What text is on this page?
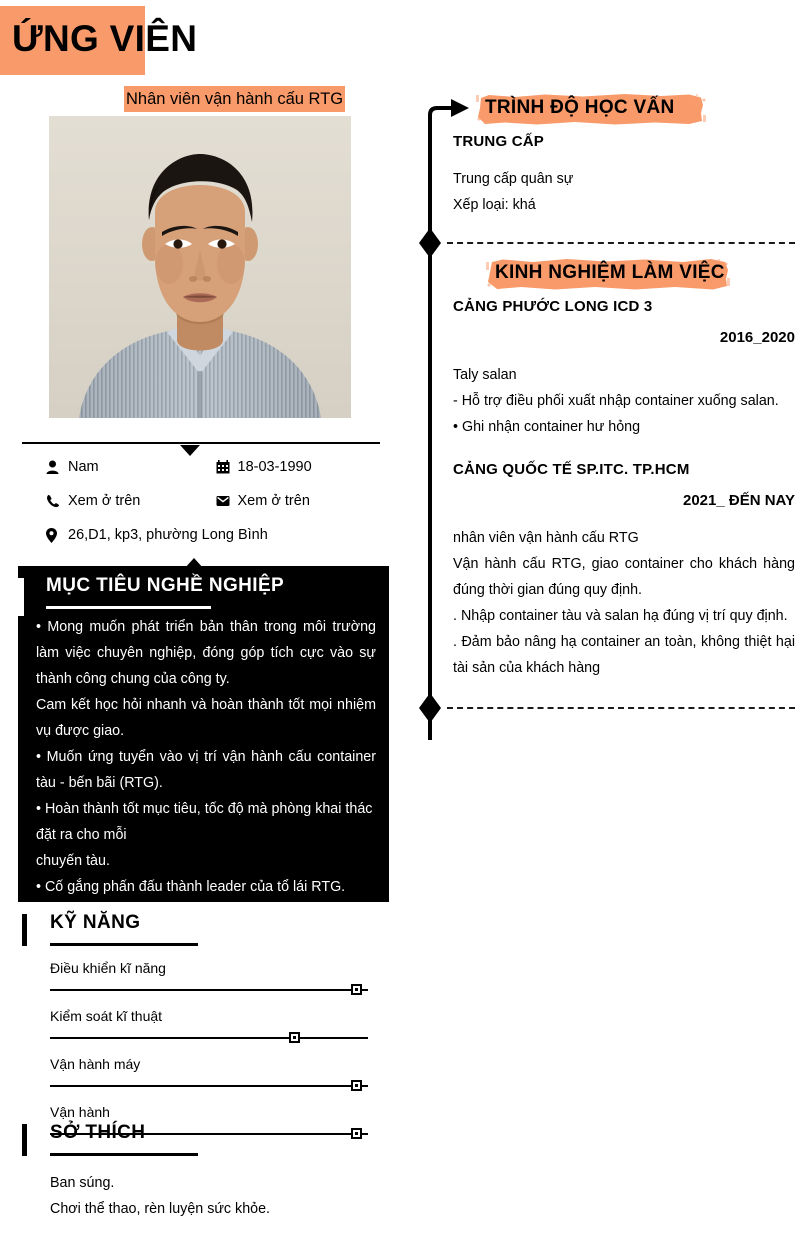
ỨNG VIÊN
Nhân viên vận hành cấu RTG
Nam	18-03-1990
Xem ở trên	Xem ở trên
26,D1, kp3, phường Long Bình
MỤC TIÊU NGHỀ NGHIỆP

• Mong muốn phát triển bản thân trong môi trường làm việc chuyên nghiệp, đóng góp tích cực vào sự thành công chung của công ty.

Cam kết học hỏi nhanh và hoàn thành tốt mọi nhiệm vụ được giao.

• Muốn ứng tuyển vào vị trí vận hành cấu container tàu - bến bãi (RTG).

• Hoàn thành tốt mục tiêu, tốc độ mà phòng khai thác đặt ra cho mỗi

chuyến tàu.

• Cố gắng phấn đấu thành leader của tổ lái RTG.

KỸ NĂNG
Điều khiển kĩ năng
Kiểm soát kĩ thuật
Vận hành máy
Vận hành
SỞ THÍCH
Ban súng.
Chơi thể thao, rèn luyện sức khỏe.
TRÌNH ĐỘ HỌC VẤN
TRUNG CẤP

Trung cấp quân sự

Xếp loại: khá

KINH NGHIỆM LÀM VIỆC
CẢNG PHƯỚC LONG ICD 3
2016_2020

Taly salan

- Hỗ trợ điều phối xuất nhập container xuống salan.

• Ghi nhận container hư hỏng

CẢNG QUỐC TẾ SP.ITC. TP.HCM
2021_ ĐẾN NAY

nhân viên vận hành cấu RTG

Vận hành cấu RTG, giao container cho khách hàng đúng thời gian đúng quy định.

. Nhập container tàu và salan hạ đúng vị trí quy định.

. Đảm bảo nâng hạ container an toàn, không thiệt hại tài sản của khách hàng
